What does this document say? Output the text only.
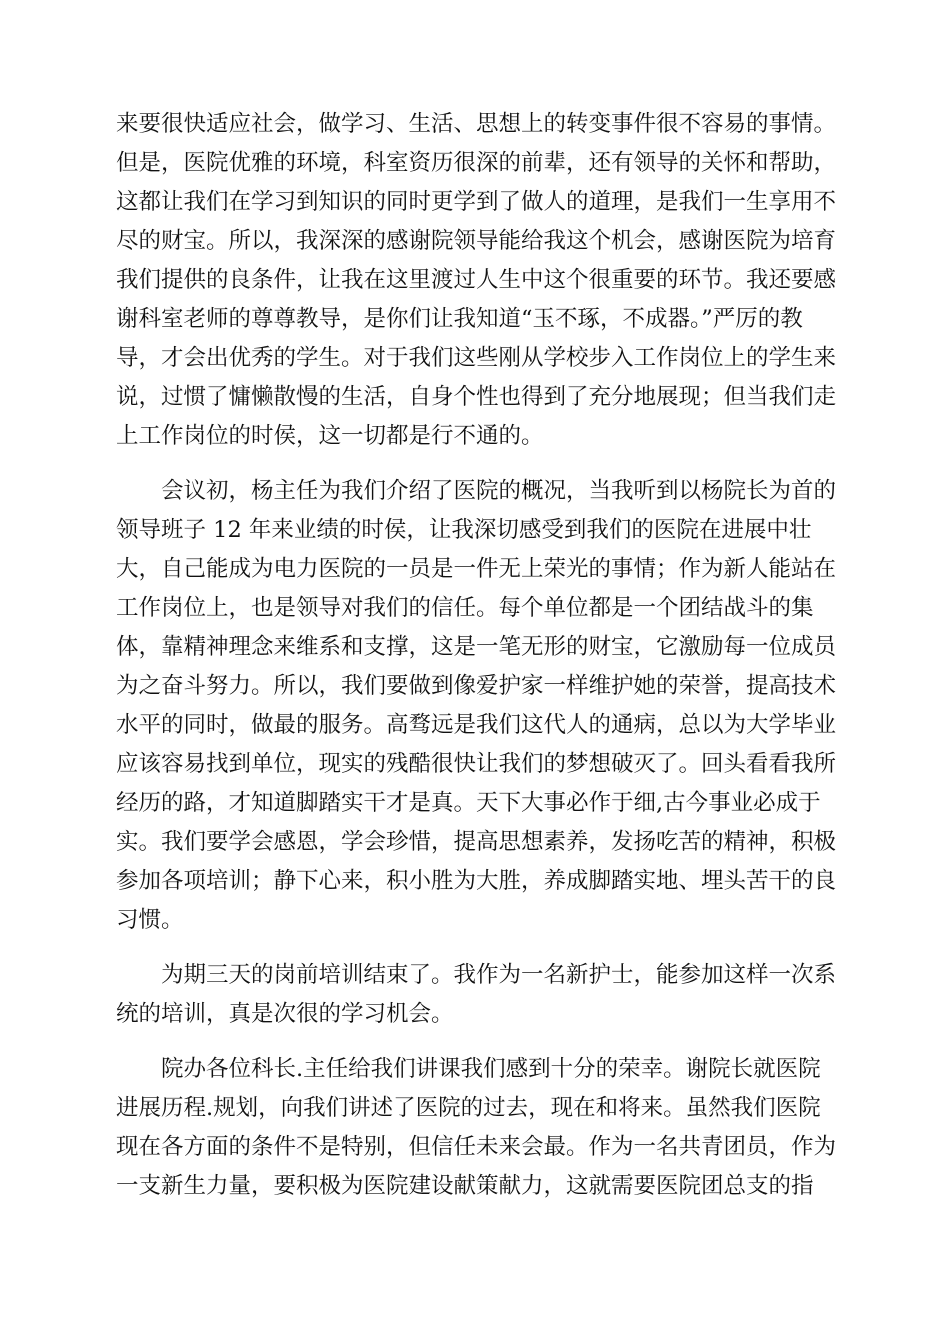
来要很快适应社会，做学习、生活、思想上的转变事件很不容易的事情。
但是，医院优雅的环境，科室资历很深的前辈，还有领导的关怀和帮助，
这都让我们在学习到知识的同时更学到了做人的道理，是我们一生享用不
尽的财宝。所以，我深深的感谢院领导能给我这个机会，感谢医院为培育
我们提供的良条件，让我在这里渡过人生中这个很重要的环节。我还要感
谢科室老师的尊尊教导，是你们让我知道“玉不琢，不成器。”严厉的教
导，才会出优秀的学生。对于我们这些刚从学校步入工作岗位上的学生来
说，过惯了慵懒散慢的生活，自身个性也得到了充分地展现；但当我们走
上工作岗位的时侯，这一切都是行不通的。
　　会议初，杨主任为我们介绍了医院的概况，当我听到以杨院长为首的
领导班子 12 年来业绩的时侯，让我深切感受到我们的医院在进展中壮
大，自己能成为电力医院的一员是一件无上荣光的事情；作为新人能站在
工作岗位上，也是领导对我们的信任。每个单位都是一个团结战斗的集
体，靠精神理念来维系和支撑，这是一笔无形的财宝，它激励每一位成员
为之奋斗努力。所以，我们要做到像爱护家一样维护她的荣誉，提高技术
水平的同时，做最的服务。高骛远是我们这代人的通病，总以为大学毕业
应该容易找到单位，现实的残酷很快让我们的梦想破灭了。回头看看我所
经历的路，才知道脚踏实干才是真。天下大事必作于细,古今事业必成于
实。我们要学会感恩，学会珍惜，提高思想素养，发扬吃苦的精神，积极
参加各项培训；静下心来，积小胜为大胜，养成脚踏实地、埋头苦干的良
习惯。
　　为期三天的岗前培训结束了。我作为一名新护士，能参加这样一次系
统的培训，真是次很的学习机会。
　　院办各位科长.主任给我们讲课我们感到十分的荣幸。谢院长就医院
进展历程.规划，向我们讲述了医院的过去，现在和将来。虽然我们医院
现在各方面的条件不是特别，但信任未来会最。作为一名共青团员，作为
一支新生力量，要积极为医院建设献策献力，这就需要医院团总支的指
